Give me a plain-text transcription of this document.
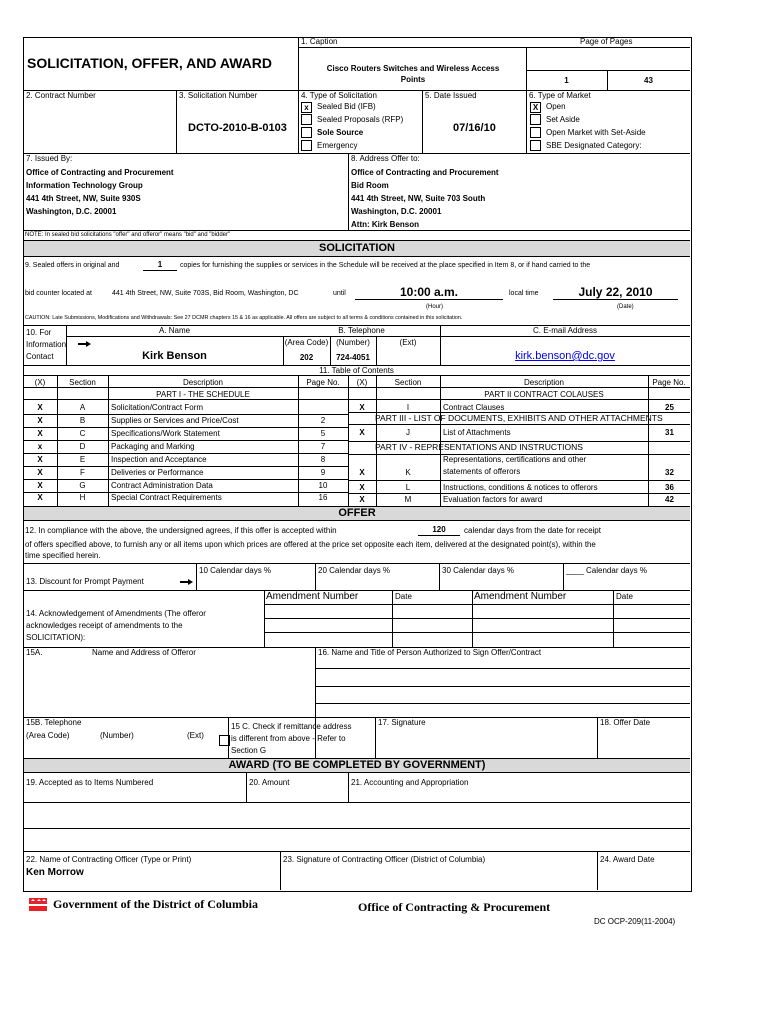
1. Caption	Page of Pages
SOLICITATION, OFFER, AND AWARD	Cisco Routers Switches and Wireless Access
Points	1	43
2. Contract Number	3. Solicitation Number
DCTO-2010-B-0103
4. Type of Solicitation
x	Sealed Bid (IFB)
Sealed Proposals (RFP)
Sole Source
Emergency
5. Date Issued
07/16/10
6. Type of Market
X Open
Set Aside
Open Market with Set-Aside
SBE Designated Category:
7. Issued By:
Office of Contracting and Procurement
Information Technology Group
441 4th Street, NW, Suite 930S
Washington, D.C. 20001
8. Address Offer to:
Office of Contracting and Procurement
Bid Room
441 4th Street, NW, Suite 703 South
Washington, D.C. 20001
Attn: Kirk Benson
NOTE: In sealed bid solicitations "offer" and offeror" means "bid" and "bidder"
SOLICITATION
9. Sealed offers in original and	1	copies for furnishing the supplies or services in the Schedule will be received at the place specified in Item 8, or if hand carried to the
bid counter located at	441 4th Street, NW, Suite 703S, Bid Room, Washington, DC	until	10:00 a.m.	local time	July 22, 2010
(Hour)	(Date)
CAUTION: Late Submissions, Modifications and Withdrawals: See 27 DCMR chapters 15 & 16 as applicable. All offers are subject to all terms & conditions contained in this solicitation.
10. For
Information
Contact
A. Name
Kirk Benson
B. Telephone
(Area Code) (Number)	(Ext)
202	724-4051
C. E-mail Address
kirk.benson@dc.gov
11. Table of Contents
(X)	Section	Description	Page No.	(X)	Section	Description	Page No.
PART I - THE SCHEDULE	PART II CONTRACT COLAUSES
X	A	Solicitation/Contract Form
X	B	Supplies or Services and Price/Cost	2
X	C	Specifications/Work Statement	5
x	D	Packaging and Marking	7
X	E	Inspection and Acceptance	8
X	F	Deliveries or Performance	9
X	G	Contract Administration Data	10
X	H	Special Contract Requirements	16
X	I	Contract Clauses	25
PART III - LIST OF DOCUMENTS, EXHIBITS AND OTHER ATTACHMENTS
X	J	List of Attachments	31
PART IV - REPRESENTATIONS AND INSTRUCTIONS
Representations, certifications and other
X	K	statements of offerors	32
X	L	Instructions, conditions & notices to offerors	36
X	M	Evaluation factors for award	42
OFFER
12. In compliance with the above, the undersigned agrees, if this offer is accepted within	120	calendar days from the date for receipt
of offers specified above, to furnish any or all items upon which prices are offered at the price set opposite each item, delivered at the designated point(s), within the
time specified herein.
13. Discount for Prompt Payment
10 Calendar days %	20 Calendar days %	30 Calendar days %	____ Calendar days %
14. Acknowledgement of Amendments (The offeror
acknowledges receipt of amendments to the
SOLICITATION):
Amendment Number	Date	Amendment Number	Date
15A.	Name and Address of Offeror	16. Name and Title of Person Authorized to Sign Offer/Contract
15B. Telephone
(Area Code)	(Number)	(Ext)
15 C. Check if remittance address
is different from above - Refer to
Section G
17. Signature	18. Offer Date
AWARD (TO BE COMPLETED BY GOVERNMENT)
19. Accepted as to Items Numbered	20. Amount	21. Accounting and Appropriation
22. Name of Contracting Officer (Type or Print)
Ken Morrow
23. Signature of Contracting Officer (District of Columbia)	24. Award Date
Government of the District of Columbia	Office of Contracting & Procurement
DC OCP-209(11-2004)
